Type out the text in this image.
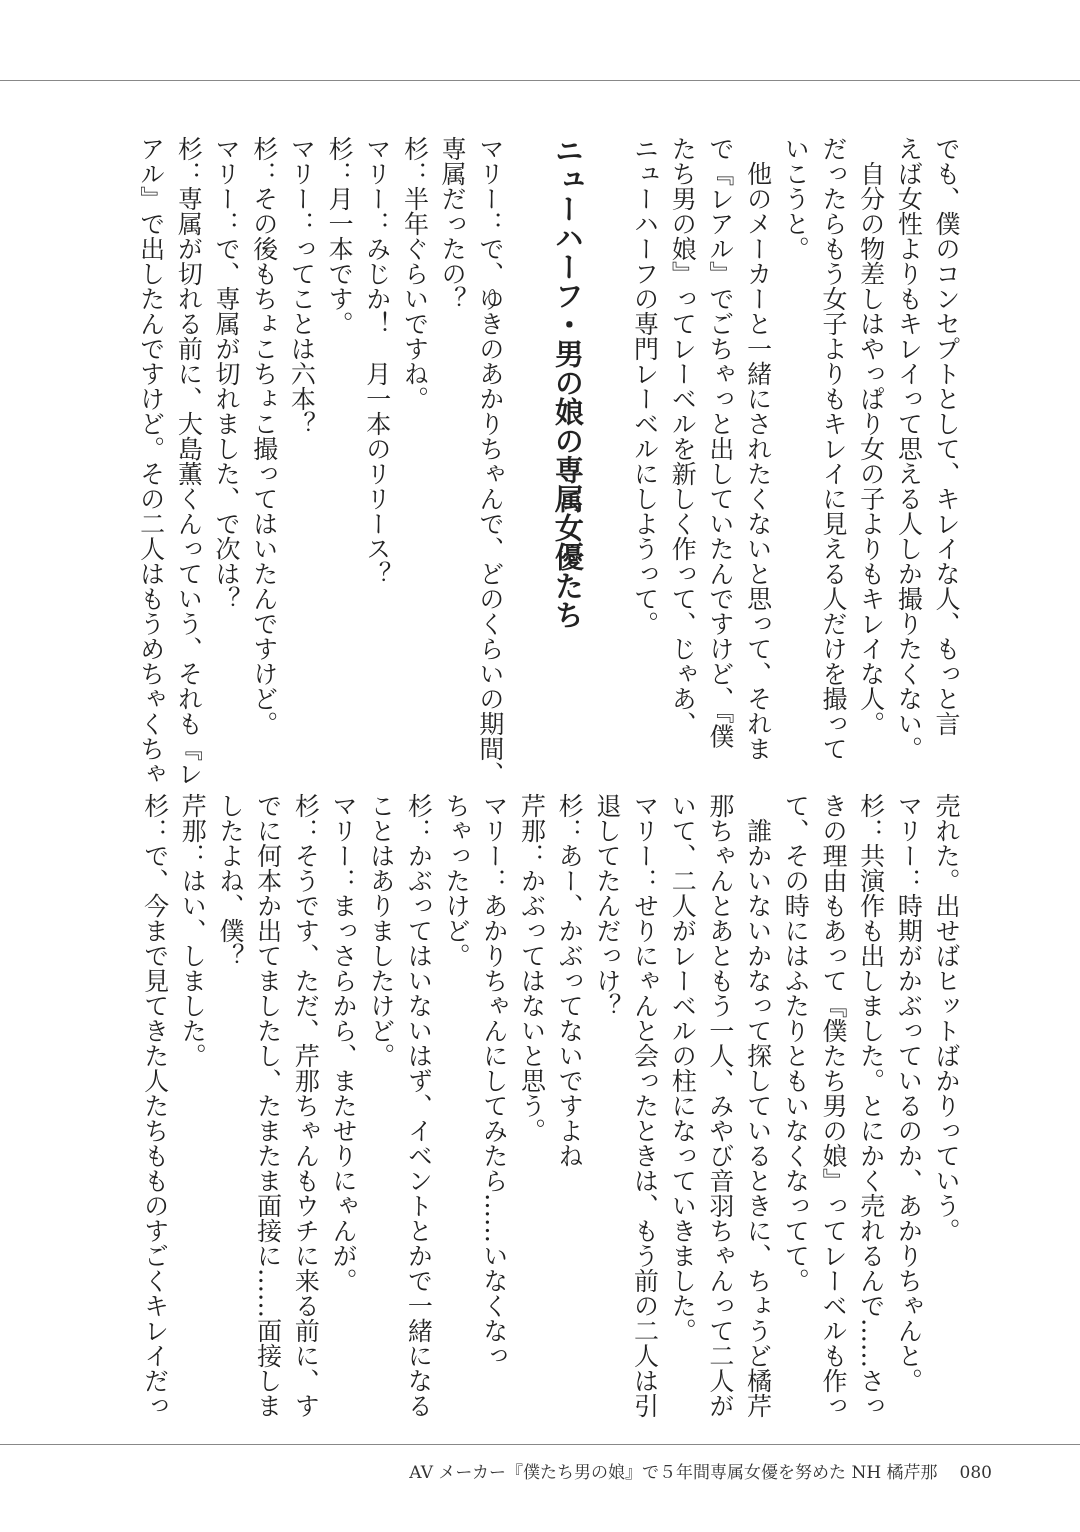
でも、僕のコンセプトとして、キレイな人、もっと言
えば女性よりもキレイって思える人しか撮りたくない。
　自分の物差しはやっぱり女の子よりもキレイな人。
だったらもう女子よりもキレイに見える人だけを撮って
いこうと。
　他のメーカーと一緒にされたくないと思って、それま
で『レアル』でごちゃっと出していたんですけど、『僕
たち男の娘』ってレーベルを新しく作って、じゃあ、
ニューハーフの専門レーベルにしようって。
ニューハーフ・男の娘の専属女優たち
マリー：で、ゆきのあかりちゃんで、どのくらいの期間、
専属だったの？
杉：半年ぐらいですね。
マリー：みじか！　月一本のリリース？
杉：月一本です。
マリー：ってことは六本？
杉：その後もちょこちょこ撮ってはいたんですけど。
マリー：で、専属が切れました、で次は？
杉：専属が切れる前に、大島薫くんっていう、それも『レ
アル』で出したんですけど。その二人はもうめちゃくちゃ
売れた。出せばヒットばかりっていう。
マリー：時期がかぶっているのか、あかりちゃんと。
杉：共演作も出しました。とにかく売れるんで……さっ
きの理由もあって『僕たち男の娘』ってレーベルも作っ
て、その時にはふたりともいなくなってて。
　誰かいないかなって探しているときに、ちょうど橘芹
那ちゃんとあともう一人、みやび音羽ちゃんって二人が
いて、二人がレーベルの柱になっていきました。
マリー：せりにゃんと会ったときは、もう前の二人は引
退してたんだっけ？
杉：あー、かぶってないですよね
芹那：かぶってはないと思う。
マリー：あかりちゃんにしてみたら……いなくなっ
ちゃったけど。
杉：かぶってはいないはず、イベントとかで一緒になる
ことはありましたけど。
マリー：まっさらから、またせりにゃんが。
杉：そうです、ただ、芹那ちゃんもウチに来る前に、す
でに何本か出てましたし、たまたま面接に……面接しま
したよね、僕？
芹那：はい、しました。
杉：で、今まで見てきた人たちもものすごくキレイだっ
AV メーカー『僕たち男の娘』で５年間専属女優を努めた NH 橘芹那 080
